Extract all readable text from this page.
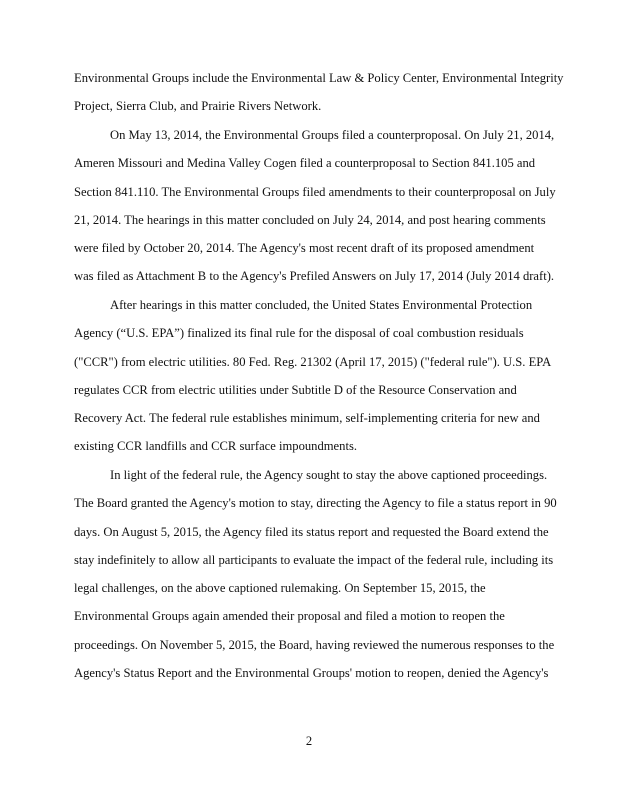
Environmental Groups include the Environmental Law & Policy Center, Environmental Integrity
Project, Sierra Club, and Prairie Rivers Network.
On May 13, 2014, the Environmental Groups filed a counterproposal. On July 21, 2014,
Ameren Missouri and Medina Valley Cogen filed a counterproposal to Section 841.105 and
Section 841.110. The Environmental Groups filed amendments to their counterproposal on July
21, 2014. The hearings in this matter concluded on July 24, 2014, and post hearing comments
were filed by October 20, 2014. The Agency's most recent draft of its proposed amendment
was filed as Attachment B to the Agency's Prefiled Answers on July 17, 2014 (July 2014 draft).
After hearings in this matter concluded, the United States Environmental Protection
Agency (“U.S. EPA”) finalized its final rule for the disposal of coal combustion residuals
("CCR") from electric utilities. 80 Fed. Reg. 21302 (April 17, 2015) ("federal rule"). U.S. EPA
regulates CCR from electric utilities under Subtitle D of the Resource Conservation and
Recovery Act. The federal rule establishes minimum, self-implementing criteria for new and
existing CCR landfills and CCR surface impoundments.
In light of the federal rule, the Agency sought to stay the above captioned proceedings.
The Board granted the Agency's motion to stay, directing the Agency to file a status report in 90
days. On August 5, 2015, the Agency filed its status report and requested the Board extend the
stay indefinitely to allow all participants to evaluate the impact of the federal rule, including its
legal challenges, on the above captioned rulemaking. On September 15, 2015, the
Environmental Groups again amended their proposal and filed a motion to reopen the
proceedings. On November 5, 2015, the Board, having reviewed the numerous responses to the
Agency's Status Report and the Environmental Groups' motion to reopen, denied the Agency's
2
